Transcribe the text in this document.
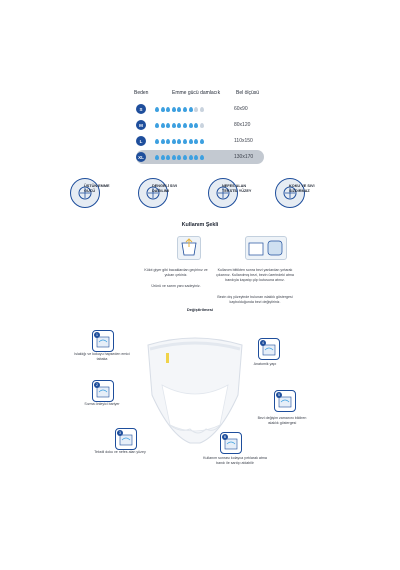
Beden	Emme gücü damlacık	Bel ölçüsü
S	60x90
M	80x120
L	110x150
XL	130x170
ÜSTÜN EMME GÜCÜ
DENGELİ SIVI DAĞILIMI
NEFES ALAN TEKSTİL YÜZEY
KOKU VE SIVI SIZDIRMAZ
Kullanım Şekli
Külot giyer gibi bacaklardan geçirinız ve yukarı çekiniz.
Ürünü ve sarım yanı sadeyiniz.
Kullanım bittikten sonra bezi yanlardan yırtarak çıkarınız. Kullanılmış bezi, bezin üzerindeki atma bandıyla kapatıp çöp kutusuna atınız.
Bezin dış yüzeyinde bulunan ıslaklık göstergesi kaybolduğunda bezi değiştiriniz.
Değiştirilmesi
1
Islaklığı ve kokuyu hapseden emici tabaka
2
Sızma önleyici bariyer
3
Tekstil doku ve nefes alan yüzey
4
Anatomik yapı
5
Bezi değişim zamanını bildiren ıslaklık göstergesi
6
Kullanım sonrası kolayca yırtılarak atma bandı ile sarılıp atılabilir
